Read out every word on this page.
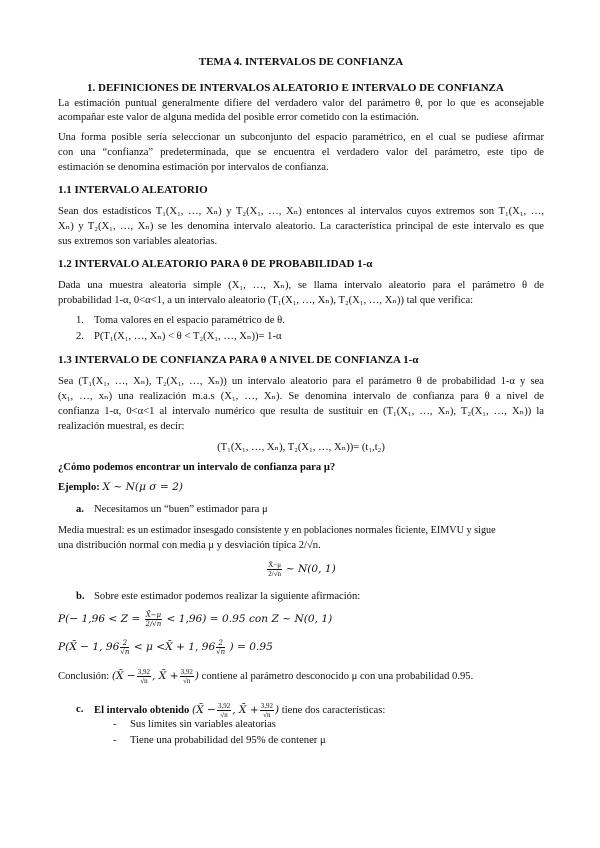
TEMA 4. INTERVALOS DE CONFIANZA
1. DEFINICIONES DE INTERVALOS ALEATORIO E INTERVALO DE CONFIANZA
La estimación puntual generalmente difiere del verdadero valor del parámetro θ, por lo que es aconsejable
acompañar este valor de alguna medida del posible error cometido con la estimación.
Una forma posible sería seleccionar un subconjunto del espacio paramétrico, en el cual se pudiese afirmar
con una “confianza” predeterminada, que se encuentra el verdadero valor del parámetro, este tipo de
estimación se denomina estimación por intervalos de confianza.
1.1 INTERVALO ALEATORIO
Sean dos estadísticos T₁(X₁, …, Xₙ) y T₂(X₁, …, Xₙ) entonces al intervalos cuyos extremos son T₁(X₁, …,
Xₙ) y T₂(X₁, …, Xₙ) se les denomina intervalo aleatorio. La característica principal de este intervalo es que
sus extremos son variables aleatorias.
1.2 INTERVALO ALEATORIO PARA θ DE PROBABILIDAD 1-α
Dada una muestra aleatoria simple (X₁, …, Xₙ), se llama intervalo aleatorio para el parámetro θ de
probabilidad 1-α, 0<α<1, a un intervalo aleatorio (T₁(X₁, …, Xₙ), T₂(X₁, …, Xₙ)) tal que verifica:
1. Toma valores en el espacio paramétrico de θ.
2. P(T₁(X₁, …, Xₙ) < θ < T₂(X₁, …, Xₙ))= 1-α
1.3 INTERVALO DE CONFIANZA PARA θ A NIVEL DE CONFIANZA 1-α
Sea (T₁(X₁, …, Xₙ), T₂(X₁, …, Xₙ)) un intervalo aleatorio para el parámetro θ de probabilidad 1-α y sea
(x₁, …, xₙ) una realización m.a.s (X₁, …, Xₙ). Se denomina intervalo de confianza para θ a nivel de
confianza 1-α, 0<α<1 al intervalo numérico que resulta de sustituir en (T₁(X₁, …, Xₙ), T₂(X₁, …, Xₙ)) la
realización muestral, es decir:
(T₁(X₁, …, Xₙ), T₂(X₁, …, Xₙ))= (t₁,t₂)
¿Cómo podemos encontrar un intervalo de confianza para μ?
Ejemplo: X ~ N(μ σ = 2)
a. Necesitamos un “buen” estimador para μ
Media muestral: es un estimador insesgado consistente y en poblaciones normales ficiente, EIMVU y sigue
una distribución normal con media μ y desviación típica 2/√n.
$\frac{X̄-\mu}{2/√n}$ ~ N(0, 1)
b. Sobre este estimador podemos realizar la siguiente afirmación:
$P(- 1,96 < Z = \frac{X̄-\mu}{2/√n} < 1,96) = 0.95$ con Z ~ N(0, 1)
P(X̄ − 1, $96 \frac{2}{√n} < \mu$ <X̄ + 1, $96 \frac{2}{√n}$ ) = 0.95
Conclusión: (X̄ − $\frac{3,92}{√n}$ , X̄ + $\frac{3,92}{√n}$ ) contiene al parámetro desconocido μ con una probabilidad 0.95.
c.	El intervalo obtenido (X̄ − $\frac{3,92}{√n}$ , X̄ + $\frac{3,92}{√n}$ ) tiene dos características:
-	Sus límites sin variables aleatorias
-	Tiene una probabilidad del 95% de contener μ
